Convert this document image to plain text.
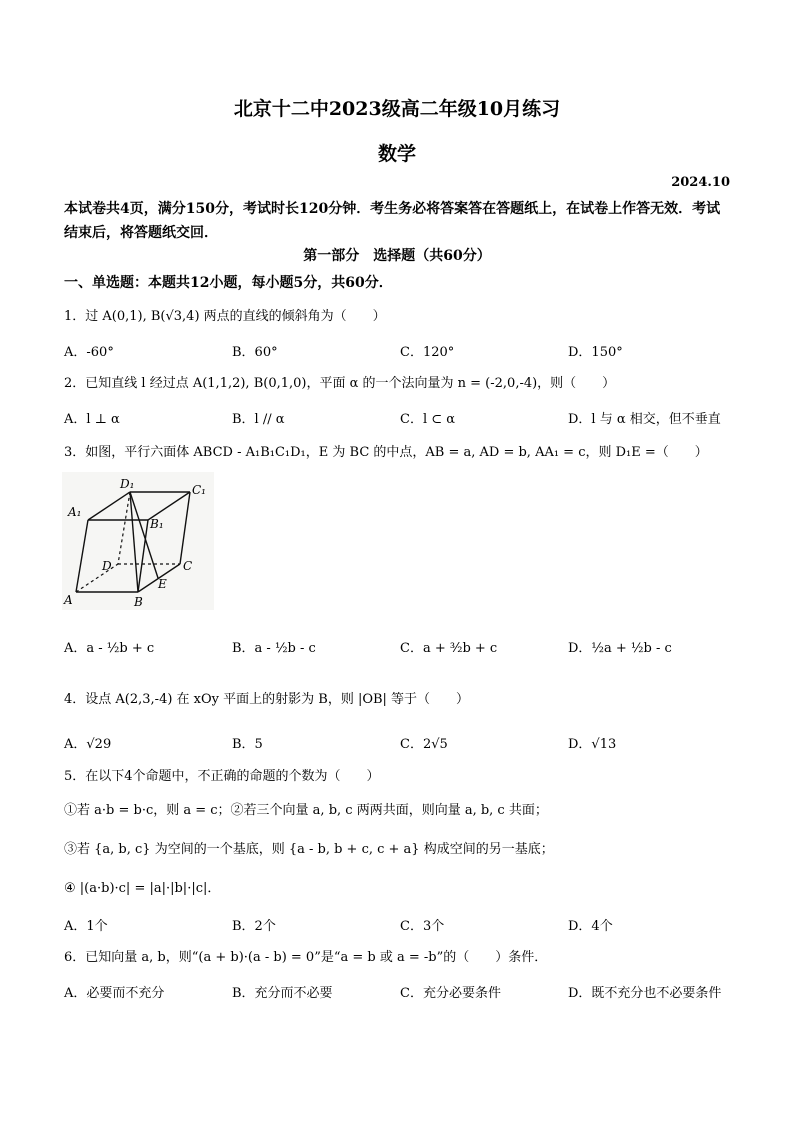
北京十二中2023级高二年级10月练习
数学
2024.10
本试卷共4页，满分150分，考试时长120分钟．考生务必将答案答在答题纸上，在试卷上作答无效．考试结束后，将答题纸交回．
第一部分　选择题（共60分）
一、单选题：本题共12小题，每小题5分，共60分．
1．过 A(0,1), B(√3,4) 两点的直线的倾斜角为（　　）
A．-60°	B．60°	C．120°	D．150°
2．已知直线 l 经过点 A(1,1,2), B(0,1,0)，平面 α 的一个法向量为 n = (-2,0,-4)，则（　　）
A．l ⊥ α	B．l // α	C．l ⊂ α	D．l 与 α 相交，但不垂直
3．如图，平行六面体 ABCD - A₁B₁C₁D₁，E 为 BC 的中点，AB = a, AD = b, AA₁ = c，则 D₁E =（　　）
D₁	C₁
A₁
B₁
D	C
A	B
E
A．a - ½b + c	B．a - ½b - c	C．a + ³⁄₂b + c	D．½a + ½b - c
4．设点 A(2,3,-4) 在 xOy 平面上的射影为 B，则 |OB| 等于（　　）
A．√29	B．5	C．2√5	D．√13
5．在以下4个命题中，不正确的命题的个数为（　　）
①若 a·b = b·c，则 a = c；②若三个向量 a, b, c 两两共面，则向量 a, b, c 共面；
③若 {a, b, c} 为空间的一个基底，则 {a - b, b + c, c + a} 构成空间的另一基底；
④ |(a·b)·c| = |a|·|b|·|c|．
A．1个	B．2个	C．3个	D．4个
6．已知向量 a, b，则“(a + b)·(a - b) = 0”是“a = b 或 a = -b”的（　　）条件．
A．必要而不充分	B．充分而不必要	C．充分必要条件	D．既不充分也不必要条件
